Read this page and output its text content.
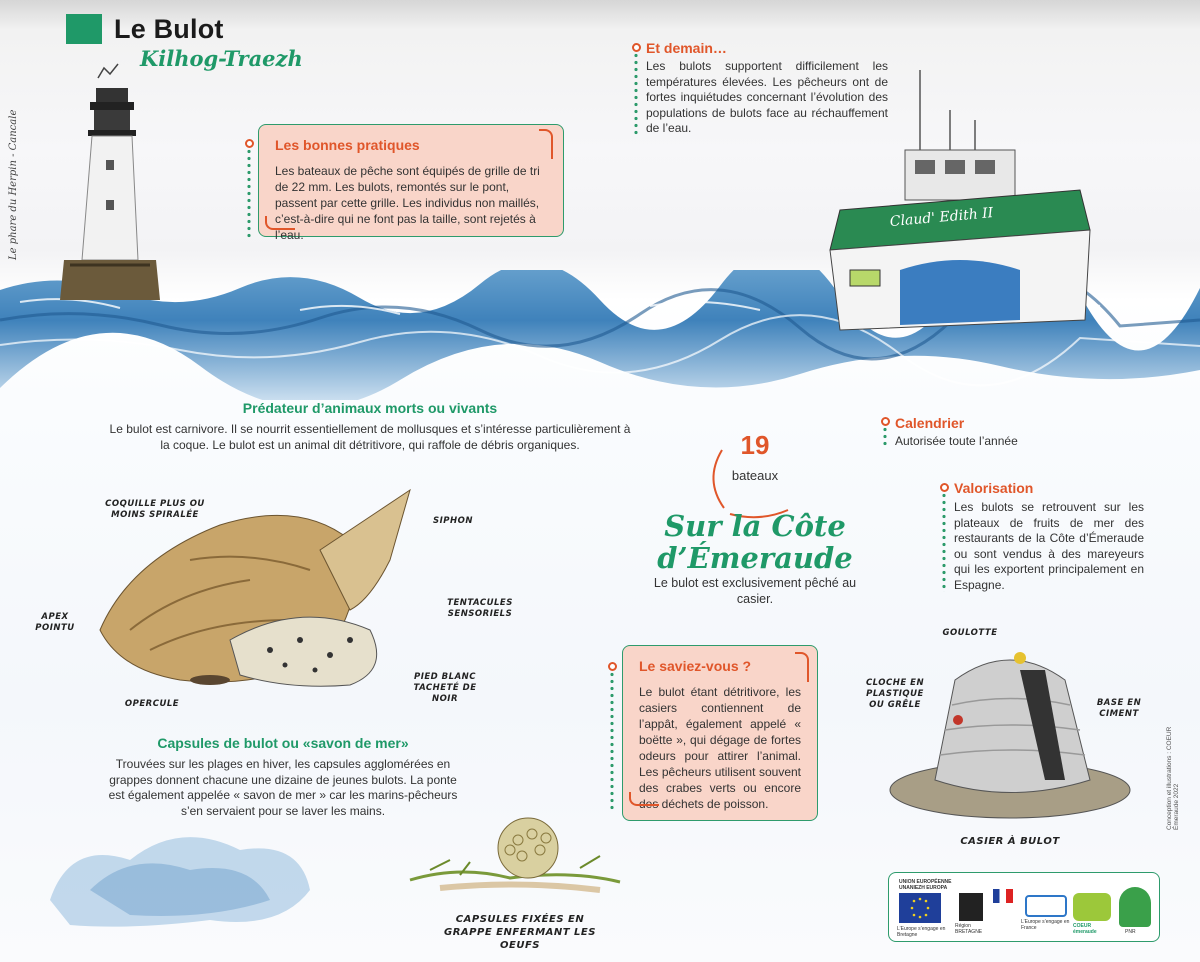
Le Bulot
Kilhog-Traezh
Le phare du Herpin - Cancale
Conception et illustrations : COEUR Émeraude 2022
Claud' Edith II
Les bonnes pratiques
Les bateaux de pêche sont équipés de grille de tri de 22 mm. Les bulots, remontés sur le pont, passent par cette grille. Les individus non maillés, c’est-à-dire qui ne font pas la taille, sont rejetés à l’eau.
Et demain…
Les bulots supportent difficilement les températures élevées. Les pêcheurs ont de fortes inquiétudes concernant l’évolution des populations de bulots face au réchauffement de l’eau.
Prédateur d’animaux morts ou vivants
Le bulot est carnivore. Il se nourrit essentiellement de mollusques et s’intéresse particulièrement à la coque. Le bulot est un animal dit détritivore, qui raffole de débris organiques.
Calendrier
Autorisée toute l’année
19
bateaux
Sur la Côte d’Émeraude
Le bulot est exclusivement pêché au casier.
Valorisation
Les bulots se retrouvent sur les plateaux de fruits de mer des restaurants de la Côte d’Émeraude ou sont vendus à des mareyeurs qui les exportent principalement en Espagne.
COQUILLE PLUS OU MOINS SPIRALÉE
SIPHON
TENTACULES SENSORIELS
APEX POINTU
PIED BLANC TACHETÉ DE NOIR
OPERCULE
Capsules de bulot ou «savon de mer»
Trouvées sur les plages en hiver, les capsules agglomérées en grappes donnent chacune une dizaine de jeunes bulots. La ponte est également appelée « savon de mer » car les marins-pêcheurs s’en servaient pour se laver les mains.
CAPSULES FIXÉES EN GRAPPE ENFERMANT LES OEUFS
Le saviez-vous ?
Le bulot étant détritivore, les casiers contiennent de l’appât, également appelé « boëtte », qui dégage de fortes odeurs pour attirer l’animal. Les pêcheurs utilisent souvent des crabes verts ou encore des déchets de poisson.
GOULOTTE
CLOCHE EN PLASTIQUE OU GRÊLE	BASE EN CIMENT
CASIER À BULOT
UNION EUROPÉENNE
UNANIEZH EUROPA
L’Europe s’engage en Bretagne
Région BRETAGNE
L’Europe s’engage en France	COEUR émeraude	PNR
